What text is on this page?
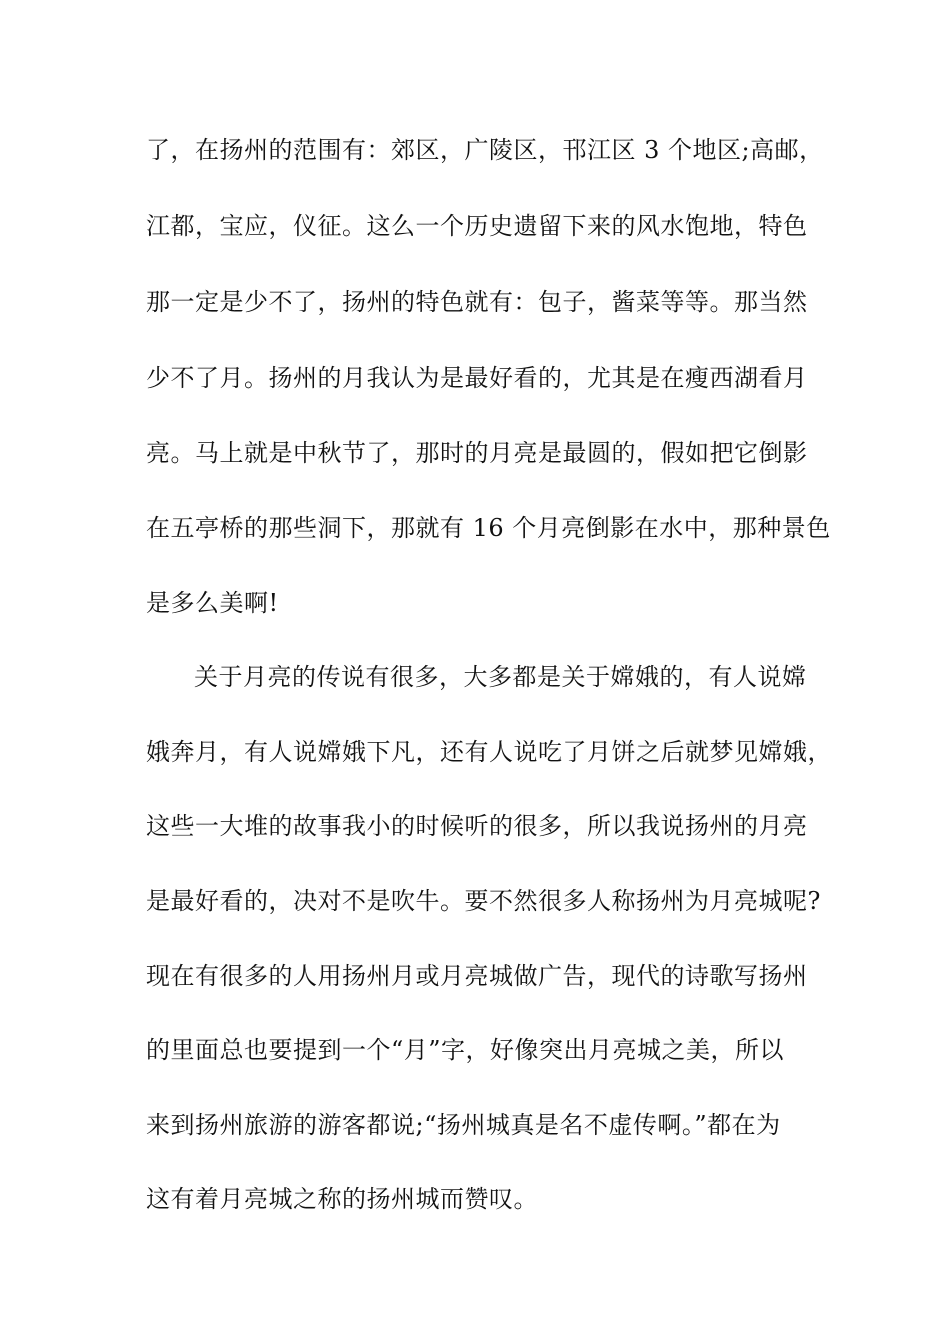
了，在扬州的范围有：郊区，广陵区，邗江区 3 个地区;高邮，
江都，宝应，仪征。这么一个历史遗留下来的风水饱地，特色
那一定是少不了，扬州的特色就有：包子，酱菜等等。那当然
少不了月。扬州的月我认为是最好看的，尤其是在瘦西湖看月
亮。马上就是中秋节了，那时的月亮是最圆的，假如把它倒影
在五亭桥的那些洞下，那就有 16 个月亮倒影在水中，那种景色
是多么美啊!
关于月亮的传说有很多，大多都是关于嫦娥的，有人说嫦
娥奔月，有人说嫦娥下凡，还有人说吃了月饼之后就梦见嫦娥，
这些一大堆的故事我小的时候听的很多，所以我说扬州的月亮
是最好看的，决对不是吹牛。要不然很多人称扬州为月亮城呢?
现在有很多的人用扬州月或月亮城做广告，现代的诗歌写扬州
的里面总也要提到一个“月”字，好像突出月亮城之美，所以
来到扬州旅游的游客都说;“扬州城真是名不虚传啊。”都在为
这有着月亮城之称的扬州城而赞叹。
